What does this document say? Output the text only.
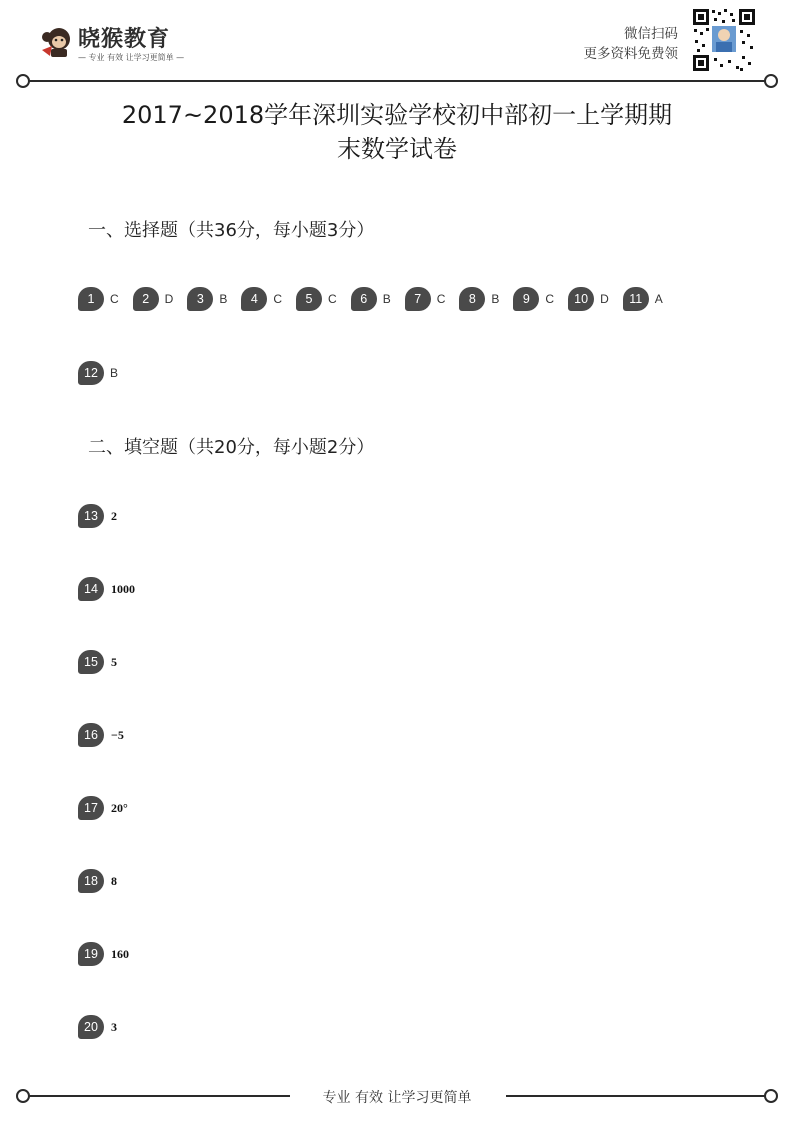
晓猴教育
— 专业 有效 让学习更简单 —
微信扫码
更多资料免费领
2017~2018学年深圳实验学校初中部初一上学期期
末数学试卷
一、选择题（共36分，每小题3分）
1	C	2	D	3	B	4	C	5	C	6	B	7	C	8	B	9	C	10	D	11	A
12	B
二、填空题（共20分，每小题2分）
13	2
14	1000
15	5
16	−5
17	20°
18	8
19	160
20	3
专业 有效 让学习更简单
